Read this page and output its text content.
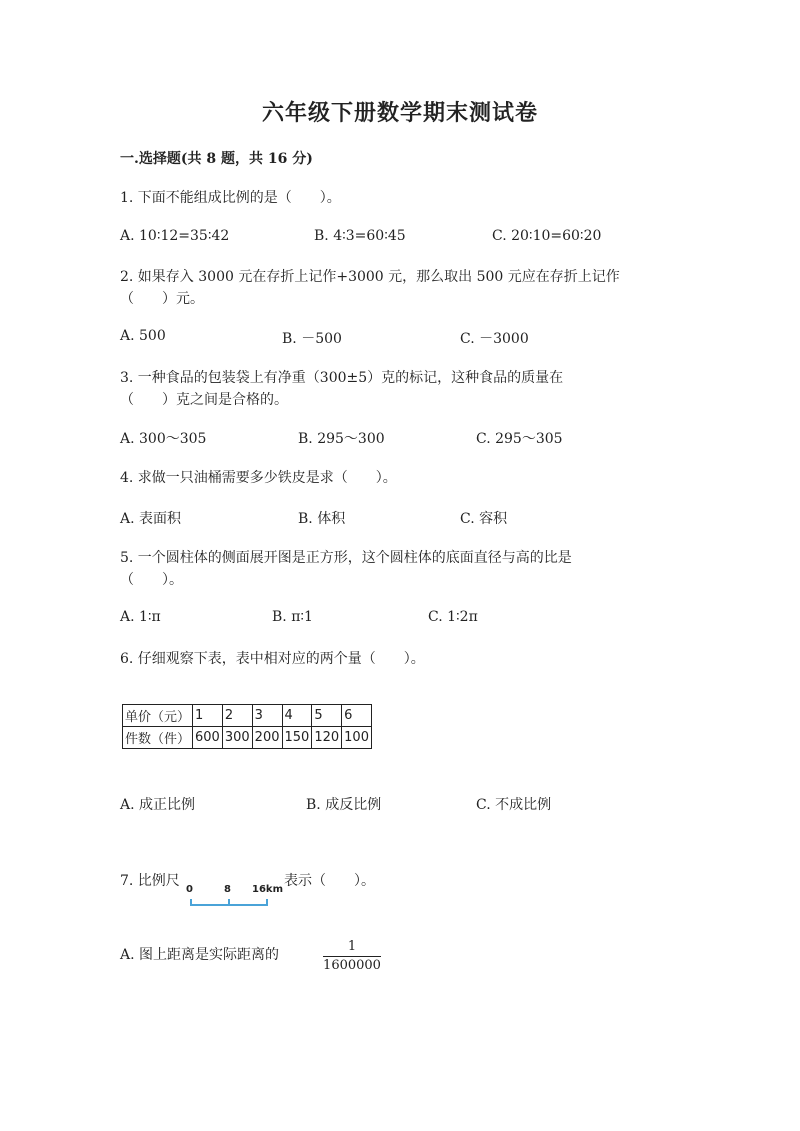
六年级下册数学期末测试卷
一.选择题(共 8 题，共 16 分)
1. 下面不能组成比例的是（　　）。
A. 10∶12=35∶42	B. 4∶3=60∶45	C. 20∶10=60∶20
2. 如果存入 3000 元在存折上记作+3000 元，那么取出 500 元应在存折上记作
（　　）元。
A. 500	B. －500	C. －3000
3. 一种食品的包装袋上有净重（300±5）克的标记，这种食品的质量在
（　　）克之间是合格的。
A. 300～305	B. 295～300	C. 295～305
4. 求做一只油桶需要多少铁皮是求（　　）。
A. 表面积	B. 体积	C. 容积
5. 一个圆柱体的侧面展开图是正方形，这个圆柱体的底面直径与高的比是
（　　）。
A. 1∶π	B. π∶1	C. 1∶2π
6. 仔细观察下表，表中相对应的两个量（　　）。
单价（元）	1	2	3	4	5	6
件数（件）	600	300	200	150	120	100
A. 成正比例	B. 成反比例	C. 不成比例
7. 比例尺
0	8 16km
表示（　　）。
A. 图上距离是实际距离的
1
1600000
